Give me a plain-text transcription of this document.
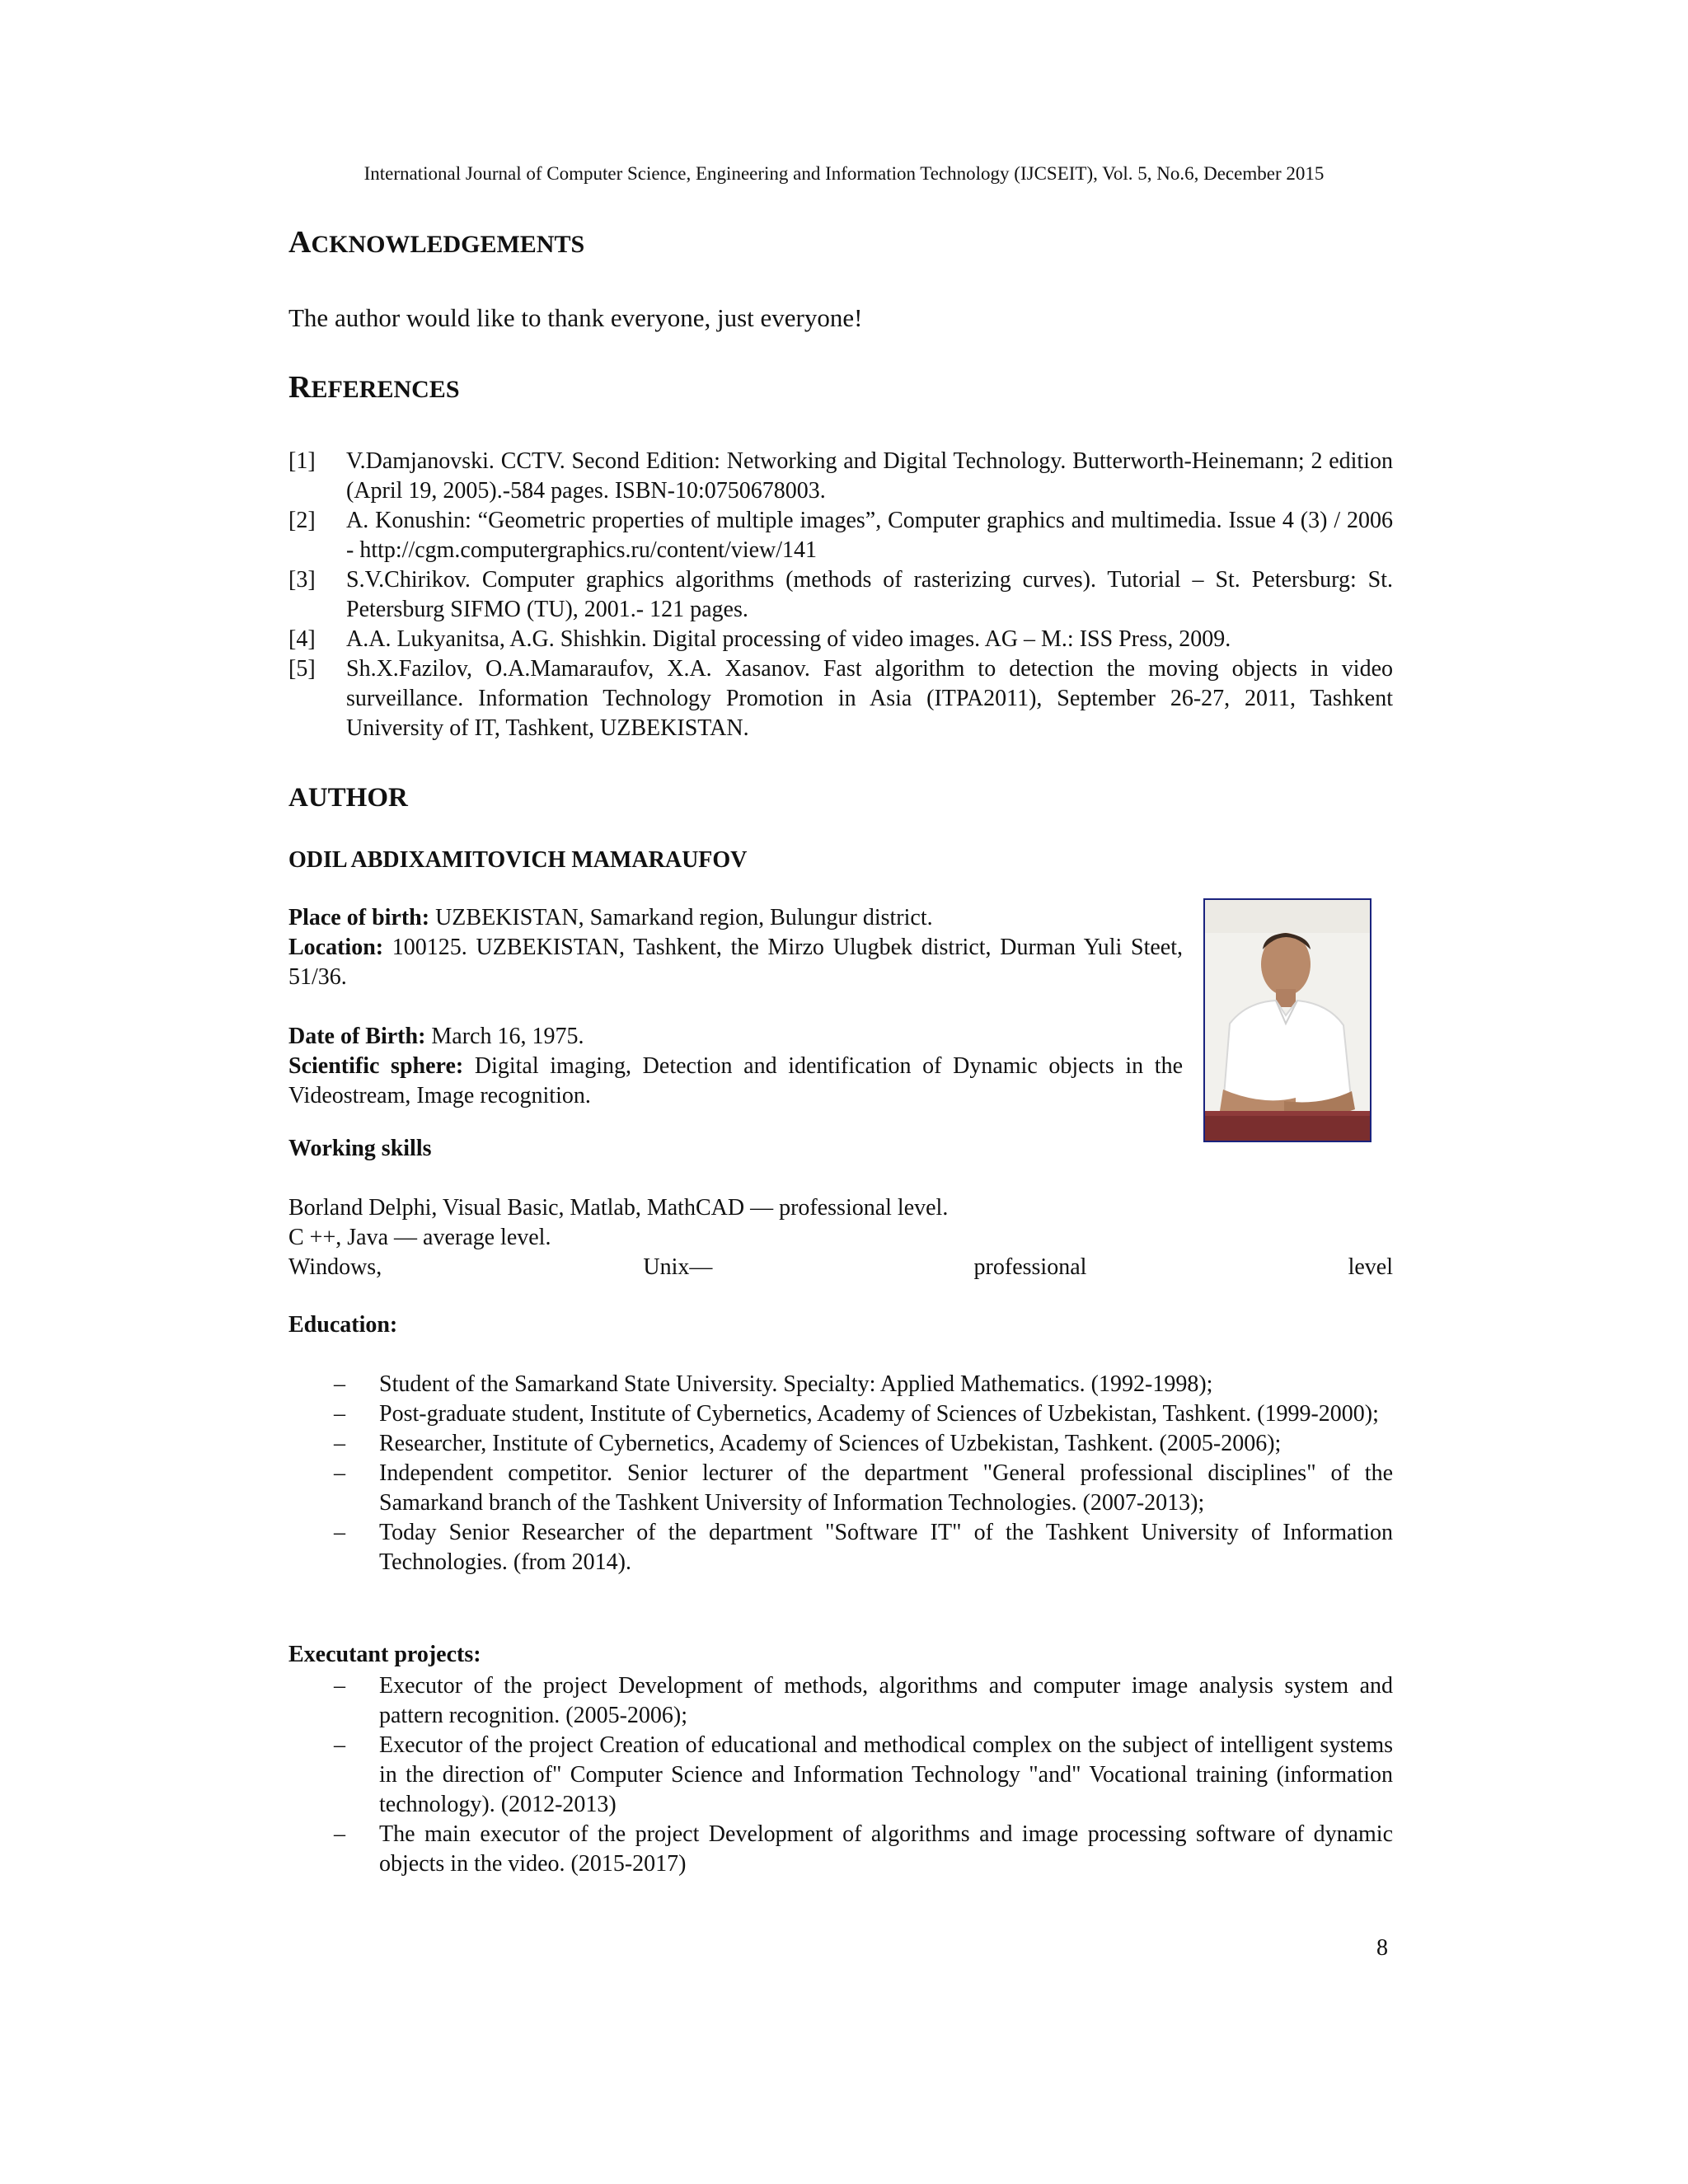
International Journal of Computer Science, Engineering and Information Technology (IJCSEIT), Vol. 5, No.6, December 2015
ACKNOWLEDGEMENTS
The author would like to thank everyone, just everyone!
REFERENCES
[1]	V.Damjanovski. CCTV. Second Edition: Networking and Digital Technology. Butterworth-Heinemann; 2 edition (April 19, 2005).-584 pages. ISBN-10:0750678003.
[2]	A. Konushin: “Geometric properties of multiple images”, Computer graphics and multimedia. Issue 4 (3) / 2006 - http://cgm.computergraphics.ru/content/view/141
[3]	S.V.Chirikov. Computer graphics algorithms (methods of rasterizing curves). Tutorial – St. Petersburg: St. Petersburg SIFMO (TU), 2001.- 121 pages.
[4]	A.A. Lukyanitsa, A.G. Shishkin. Digital processing of video images. AG – M.: ISS Press, 2009.
[5]	Sh.X.Fazilov, O.A.Mamaraufov, X.A. Xasanov. Fast algorithm to detection the moving objects in video surveillance. Information Technology Promotion in Asia (ITPA2011), September 26-27, 2011, Tashkent University of IT, Tashkent, UZBEKISTAN.
AUTHOR
ODIL ABDIXAMITOVICH MAMARAUFOV
Place of birth: UZBEKISTAN, Samarkand region, Bulungur district.
Location: 100125. UZBEKISTAN, Tashkent, the Mirzo Ulugbek district, Durman Yuli Steet, 51/36.
Date of Birth: March 16, 1975.
Scientific sphere: Digital imaging, Detection and identification of Dynamic objects in the Videostream, Image recognition.
Working skills
Borland Delphi, Visual Basic, Matlab, MathCAD — professional level.
C ++, Java — average level.
Windows,	Unix—	professional	level
Education:
–	Student of the Samarkand State University. Specialty: Applied Mathematics. (1992-1998);
–	Post-graduate student, Institute of Cybernetics, Academy of Sciences of Uzbekistan, Tashkent. (1999-2000);
–	Researcher, Institute of Cybernetics, Academy of Sciences of Uzbekistan, Tashkent. (2005-2006);
–	Independent competitor. Senior lecturer of the department "General professional disciplines" of the Samarkand branch of the Tashkent University of Information Technologies. (2007-2013);
–	Today Senior Researcher of the department "Software IT" of the Tashkent University of Information Technologies. (from 2014).
Executant projects:
–	Executor of the project Development of methods, algorithms and computer image analysis system and pattern recognition. (2005-2006);
–	Executor of the project Creation of educational and methodical complex on the subject of intelligent systems in the direction of" Computer Science and Information Technology "and" Vocational training (information technology). (2012-2013)
–	The main executor of the project Development of algorithms and image processing software of dynamic objects in the video. (2015-2017)
8
